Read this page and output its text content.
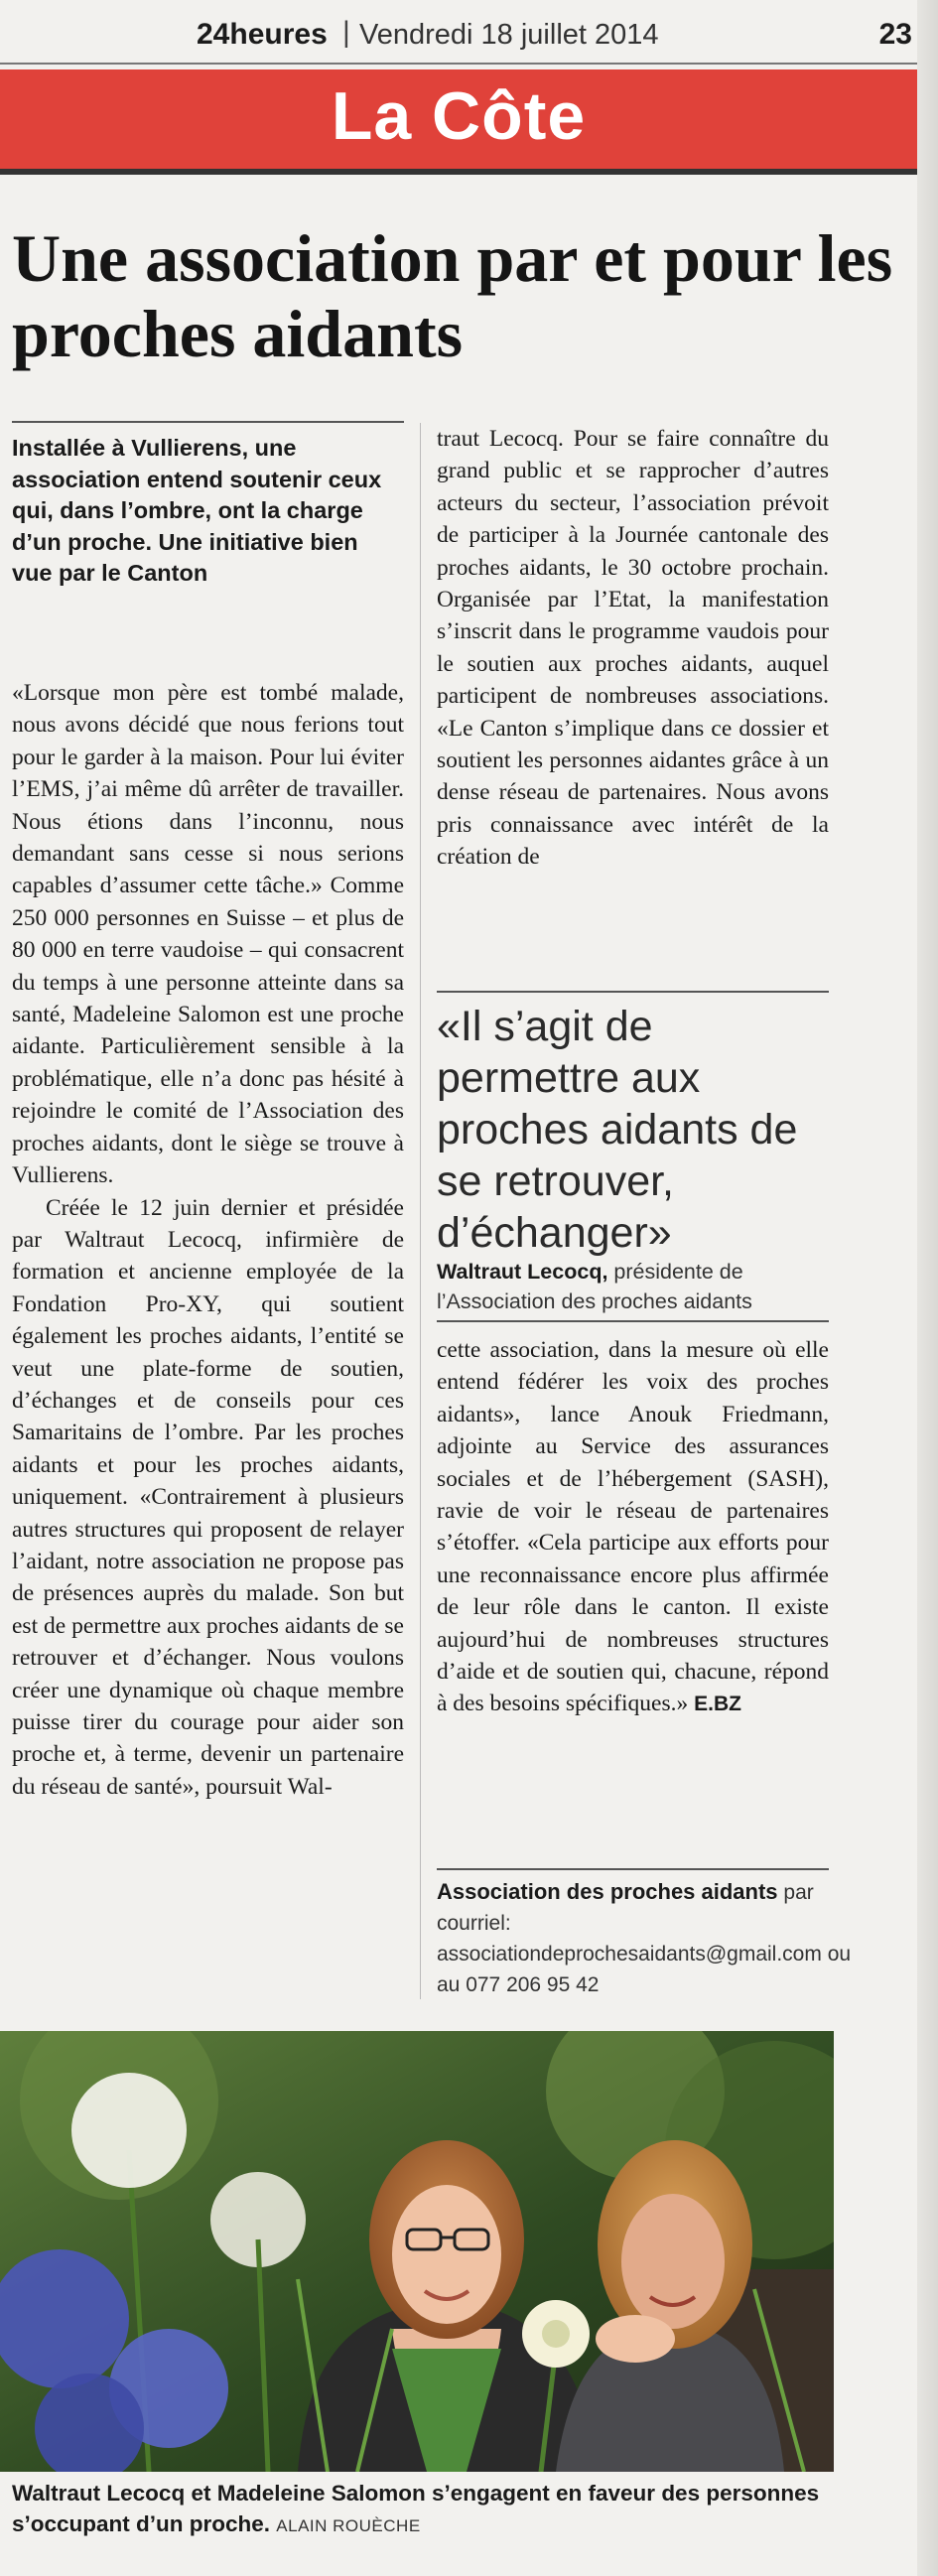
24heures | Vendredi 18 juillet 2014	23
La Côte
Une association par et pour les proches aidants
Installée à Vullierens, une association entend soutenir ceux qui, dans l’ombre, ont la charge d’un proche. Une initiative bien vue par le Canton

«Lorsque mon père est tombé malade, nous avons décidé que nous ferions tout pour le garder à la maison. Pour lui éviter l’EMS, j’ai même dû arrêter de travailler. Nous étions dans l’inconnu, nous demandant sans cesse si nous serions capables d’assumer cette tâche.» Comme 250 000 personnes en Suisse – et plus de 80 000 en terre vaudoise – qui consacrent du temps à une personne atteinte dans sa santé, Madeleine Salomon est une proche aidante. Particulièrement sensible à la problématique, elle n’a donc pas hésité à rejoindre le comité de l’Association des proches aidants, dont le siège se trouve à Vullierens.

Créée le 12 juin dernier et présidée par Waltraut Lecocq, infirmière de formation et ancienne employée de la Fondation Pro-XY, qui soutient également les proches aidants, l’entité se veut une plate-forme de soutien, d’échanges et de conseils pour ces Samaritains de l’ombre. Par les proches aidants et pour les proches aidants, uniquement. «Contrairement à plusieurs autres structures qui proposent de relayer l’aidant, notre association ne propose pas de présences auprès du malade. Son but est de permettre aux proches aidants de se retrouver et d’échanger. Nous voulons créer une dynamique où chaque membre puisse tirer du courage pour aider son proche et, à terme, devenir un partenaire du réseau de santé», poursuit Wal-

traut Lecocq. Pour se faire connaître du grand public et se rapprocher d’autres acteurs du secteur, l’association prévoit de participer à la Journée cantonale des proches aidants, le 30 octobre prochain. Organisée par l’Etat, la manifestation s’inscrit dans le programme vaudois pour le soutien aux proches aidants, auquel participent de nombreuses associations. «Le Canton s’implique dans ce dossier et soutient les personnes aidantes grâce à un dense réseau de partenaires. Nous avons pris connaissance avec intérêt de la création de

«Il s’agit de permettre aux proches aidants de se retrouver, d’échanger»
Waltraut Lecocq, présidente de l’Association des proches aidants

cette association, dans la mesure où elle entend fédérer les voix des proches aidants», lance Anouk Friedmann, adjointe au Service des assurances sociales et de l’hébergement (SASH), ravie de voir le réseau de partenaires s’étoffer. «Cela participe aux efforts pour une reconnaissance encore plus affirmée de leur rôle dans le canton. Il existe aujourd’hui de nombreuses structures d’aide et de soutien qui, chacune, répond à des besoins spécifiques.» E.BZ

Association des proches aidants par courriel: associationdeprochesaidants@gmail.com ou au 077 206 95 42
Waltraut Lecocq et Madeleine Salomon s’engagent en faveur des personnes s’occupant d’un proche. ALAIN ROUÈCHE
